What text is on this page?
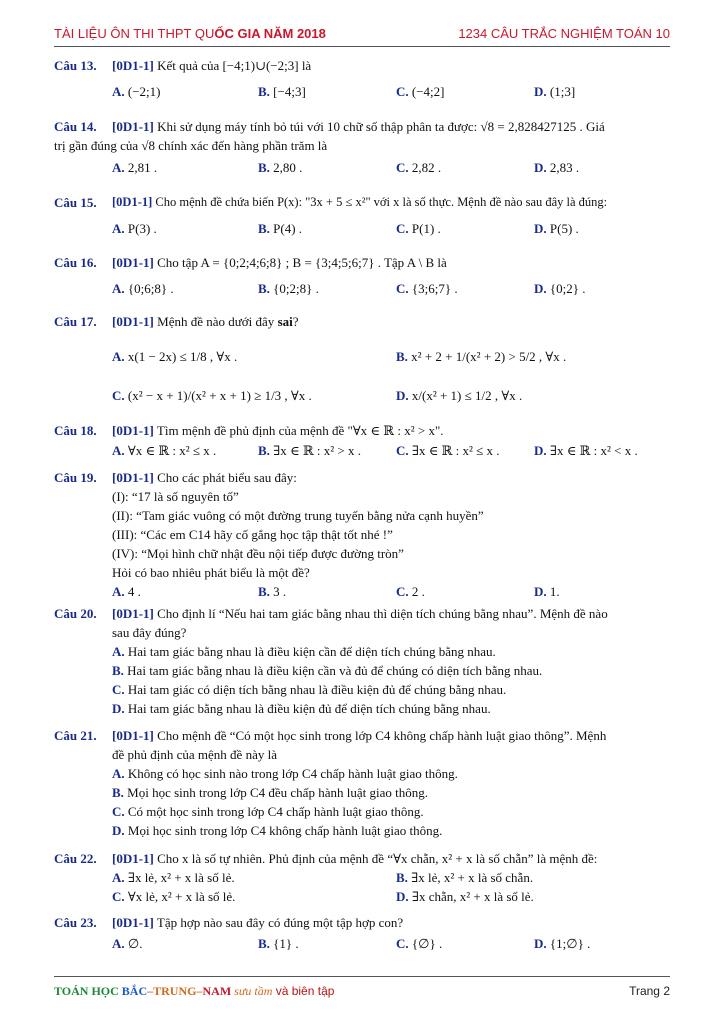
TÀI LIỆU ÔN THI THPT QUỐC GIA NĂM 2018	1234 CÂU TRẮC NGHIỆM TOÁN 10
Câu 13. [0D1-1] Kết quả của [−4;1)∪(−2;3] là
A. (−2;1)	B. [−4;3]	C. (−4;2]	D. (1;3]
Câu 14. [0D1-1] Khi sử dụng máy tính bỏ túi với 10 chữ số thập phân ta được: √8 = 2,828427125 . Giá
trị gần đúng của √8 chính xác đến hàng phần trăm là
A. 2,81 .	B. 2,80 .	C. 2,82 .	D. 2,83 .
Câu 15. [0D1-1] Cho mệnh đề chứa biến P(x): "3x + 5 ≤ x²" với x là số thực. Mệnh đề nào sau đây là đúng:
A. P(3) .	B. P(4) .	C. P(1) .	D. P(5) .
Câu 16. [0D1-1] Cho tập A = {0;2;4;6;8} ; B = {3;4;5;6;7} . Tập A \ B là
A. {0;6;8} .	B. {0;2;8} .	C. {3;6;7} .	D. {0;2} .
Câu 17. [0D1-1] Mệnh đề nào dưới đây sai?
A. x(1 − 2x) ≤ 1/8 , ∀x .	B. x² + 2 + 1/(x² + 2) > 5/2 , ∀x .
C. (x² − x + 1)/(x² + x + 1) ≥ 1/3 , ∀x .	D. x/(x² + 1) ≤ 1/2 , ∀x .
Câu 18. [0D1-1] Tìm mệnh đề phủ định của mệnh đề "∀x ∈ ℝ : x² > x".
A. ∀x ∈ ℝ : x² ≤ x .	B. ∃x ∈ ℝ : x² > x .	C. ∃x ∈ ℝ : x² ≤ x .	D. ∃x ∈ ℝ : x² < x .
Câu 19. [0D1-1] Cho các phát biểu sau đây:
(I): “17 là số nguyên tố”
(II): “Tam giác vuông có một đường trung tuyến bằng nửa cạnh huyền”
(III): “Các em C14 hãy cố gắng học tập thật tốt nhé !”
(IV): “Mọi hình chữ nhật đều nội tiếp được đường tròn”
Hỏi có bao nhiêu phát biểu là một đề?
A. 4 .	B. 3 .	C. 2 .	D. 1.
Câu 20. [0D1-1] Cho định lí “Nếu hai tam giác bằng nhau thì diện tích chúng bằng nhau”. Mệnh đề nào
sau đây đúng?
A. Hai tam giác bằng nhau là điều kiện cần để diện tích chúng bằng nhau.
B. Hai tam giác bằng nhau là điều kiện cần và đủ để chúng có diện tích bằng nhau.
C. Hai tam giác có diện tích bằng nhau là điều kiện đủ để chúng bằng nhau.
D. Hai tam giác bằng nhau là điều kiện đủ để diện tích chúng bằng nhau.
Câu 21. [0D1-1] Cho mệnh đề “Có một học sinh trong lớp C4 không chấp hành luật giao thông”. Mệnh
đề phủ định của mệnh đề này là
A. Không có học sinh nào trong lớp C4 chấp hành luật giao thông.
B. Mọi học sinh trong lớp C4 đều chấp hành luật giao thông.
C. Có một học sinh trong lớp C4 chấp hành luật giao thông.
D. Mọi học sinh trong lớp C4 không chấp hành luật giao thông.
Câu 22. [0D1-1] Cho x là số tự nhiên. Phủ định của mệnh đề “∀x chẵn, x² + x là số chẵn” là mệnh đề:
A. ∃x lẻ, x² + x là số lẻ.	B. ∃x lẻ, x² + x là số chẵn.
C. ∀x lẻ, x² + x là số lẻ.	D. ∃x chẵn, x² + x là số lẻ.
Câu 23. [0D1-1] Tập hợp nào sau đây có đúng một tập hợp con?
A. ∅.	B. {1} .	C. {∅} .	D. {1;∅} .
TOÁN HỌC BẮC–TRUNG–NAM sưu tầm và biên tập	Trang 2
